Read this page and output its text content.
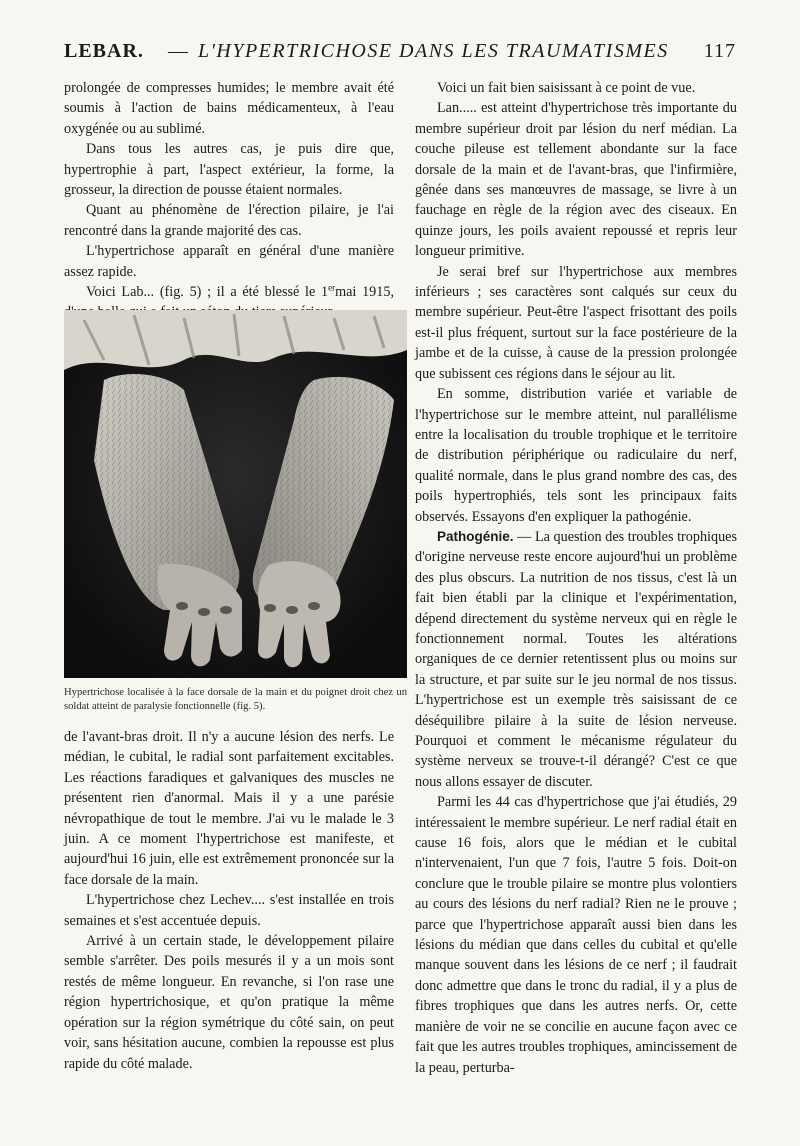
LEBAR. — L'HYPERTRICHOSE DANS LES TRAUMATISMES 117

prolongée de compresses humides; le membre avait été soumis à l'action de bains médicamenteux, à l'eau oxygénée ou au sublimé.

Dans tous les autres cas, je puis dire que, hypertrophie à part, l'aspect extérieur, la forme, la grosseur, la direction de pousse étaient normales.

Quant au phénomène de l'érection pilaire, je l'ai rencontré dans la grande majorité des cas.

L'hypertrichose apparaît en général d'une manière assez rapide.

Voici Lab... (fig. 5) ; il a été blessé le 1ermai 1915,

Hypertrichose localisée à la face dorsale de la main et du poignet droit chez un soldat atteint de paralysie fonctionnelle (fig. 5).

de l'avant-bras droit. Il n'y a aucune lésion des nerfs. Le médian, le cubital, le radial sont parfaitement excitables. Les réactions faradiques et galvaniques des muscles ne présentent rien d'anormal. Mais il y a une parésie névropathique de tout le membre. J'ai vu le malade le 3 juin. A ce moment l'hypertrichose est manifeste, et aujourd'hui 16 juin, elle est extrêmement prononcée sur la face dorsale de la main.

L'hypertrichose chez Lechev.... s'est installée en trois semaines et s'est accentuée depuis.

Arrivé à un certain stade, le développement pilaire semble s'arrêter. Des poils mesurés il y a un mois sont restés de même longueur. En revanche, si l'on rase une région hypertrichosique, et qu'on pratique la même opération sur la région symétrique du côté sain, on peut voir, sans hésitation aucune, combien la repousse est plus rapide du côté malade.

Voici un fait bien saisissant à ce point de vue.

Lan..... est atteint d'hypertrichose très importante du membre supérieur droit par lésion du nerf médian. La couche pileuse est tellement abondante sur la face dorsale de la main et de l'avant-bras, que l'infirmière, gênée dans ses manœuvres de massage, se livre à un fauchage en règle de la région avec des ciseaux. En quinze jours, les poils avaient repoussé et repris leur longueur primitive.

Je serai bref sur l'hypertrichose aux membres inférieurs ; ses caractères sont calqués sur ceux du membre supérieur. Peut-être l'aspect frisottant des poils est-il plus fréquent, surtout sur la face postérieure de la jambe et de la cuisse, à cause de la pression prolongée que subissent ces régions dans le séjour au lit.

En somme, distribution variée et variable de l'hypertrichose sur le membre atteint, nul parallélisme entre la localisation du trouble trophique et le territoire de distribution périphérique ou radiculaire du nerf, qualité normale, dans le plus grand nombre des cas, des poils hypertrophiés, tels sont les principaux faits observés. Essayons d'en expliquer la pathogénie.

Pathogénie. — La question des troubles trophiques d'origine nerveuse reste encore aujourd'hui un problème des plus obscurs. La nutrition de nos tissus, c'est là un fait bien établi par la clinique et l'expérimentation, dépend directement du système nerveux qui en règle le fonctionnement normal. Toutes les altérations organiques de ce dernier retentissent plus ou moins sur la structure, et par suite sur le jeu normal de nos tissus. L'hypertrichose est un exemple très saisissant de ce déséquilibre pilaire à la suite de lésion nerveuse. Pourquoi et comment le mécanisme régulateur du système nerveux se trouve-t-il dérangé? C'est ce que nous allons essayer de discuter.

Parmi les 44 cas d'hypertrichose que j'ai étudiés, 29 intéressaient le membre supérieur. Le nerf radial était en cause 16 fois, alors que le médian et le cubital n'intervenaient, l'un que 7 fois, l'autre 5 fois. Doit-on conclure que le trouble pilaire se montre plus volontiers au cours des lésions du nerf radial? Rien ne le prouve ; parce que l'hypertrichose apparaît aussi bien dans les lésions du médian que dans celles du cubital et qu'elle manque souvent dans les lésions de ce nerf ; il faudrait donc admettre que dans le tronc du radial, il y a plus de fibres trophiques que dans les autres nerfs. Or, cette manière de voir ne se concilie en aucune façon avec ce fait que les autres troubles trophiques, amincissement de la peau, perturba-
